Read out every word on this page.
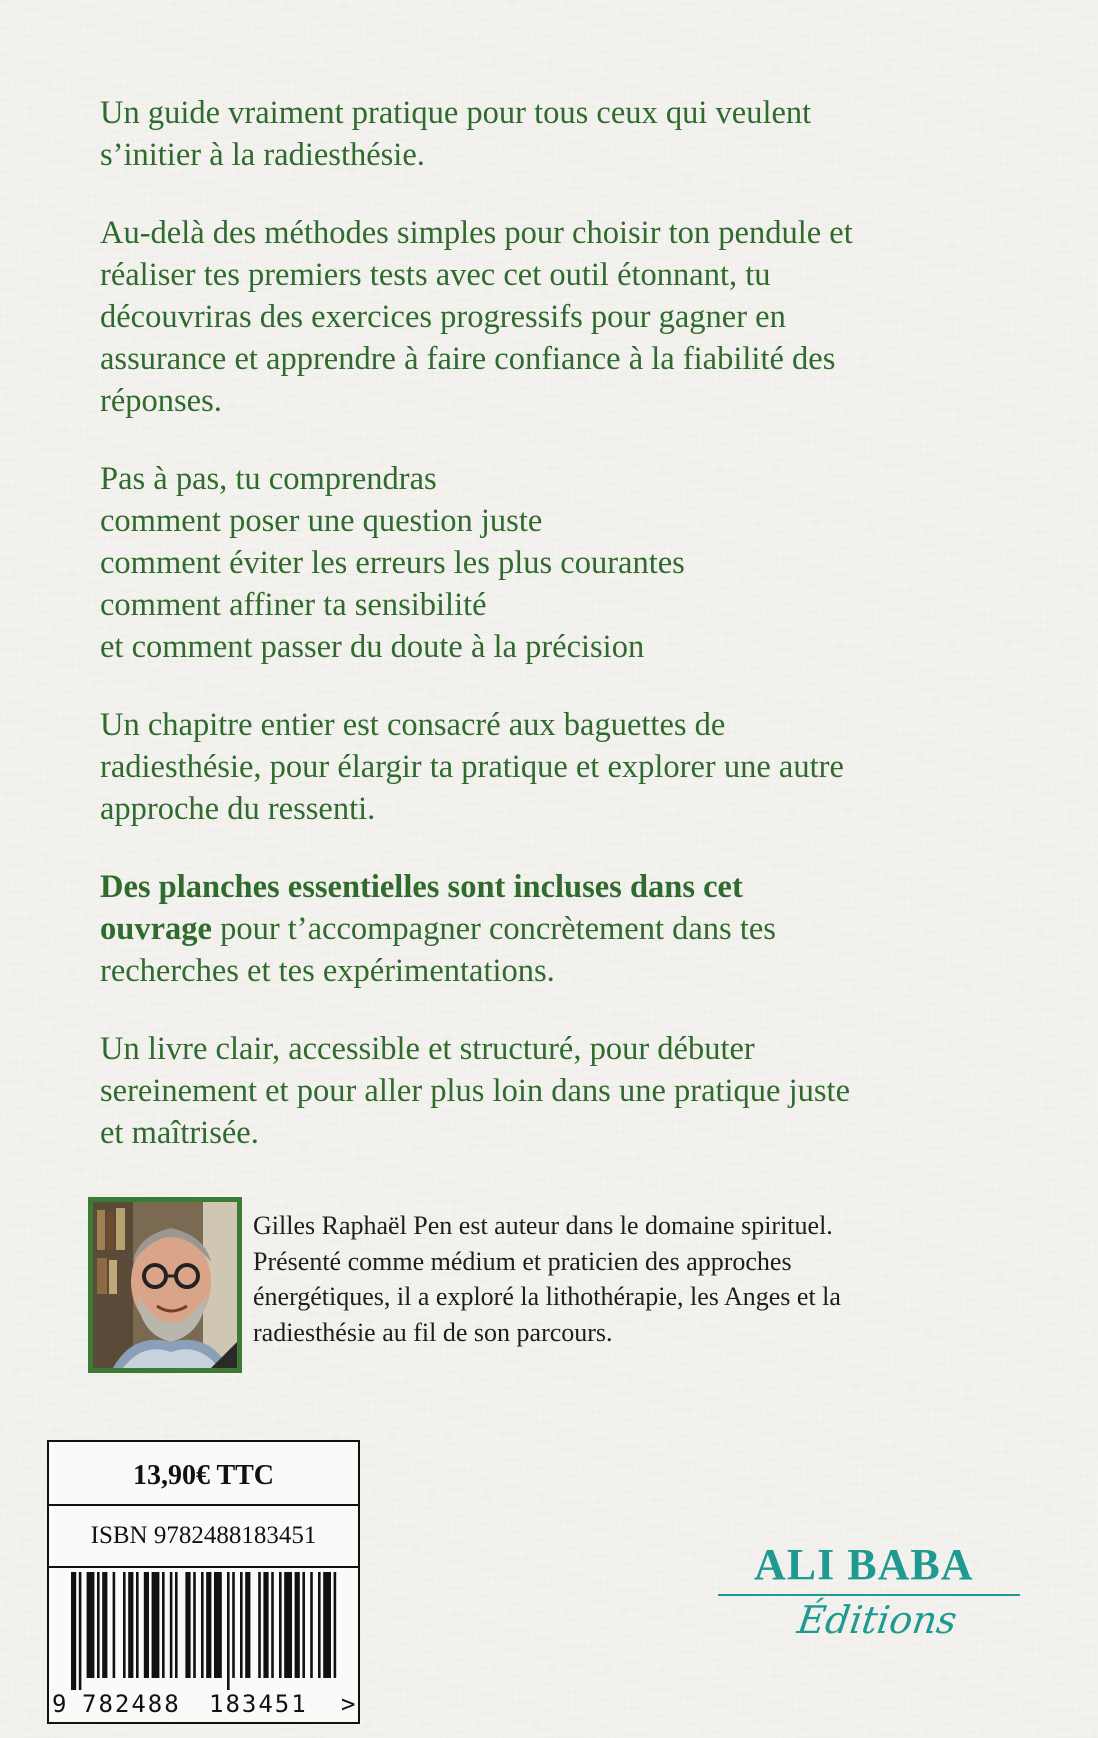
Un guide vraiment pratique pour tous ceux qui veulent
s’initier à la radiesthésie.

Au-delà des méthodes simples pour choisir ton pendule et
réaliser tes premiers tests avec cet outil étonnant, tu
découvriras des exercices progressifs pour gagner en
assurance et apprendre à faire confiance à la fiabilité des
réponses.

Pas à pas, tu comprendras
comment poser une question juste
comment éviter les erreurs les plus courantes
comment affiner ta sensibilité
et comment passer du doute à la précision

Un chapitre entier est consacré aux baguettes de
radiesthésie, pour élargir ta pratique et explorer une autre
approche du ressenti.

Des planches essentielles sont incluses dans cet
ouvrage pour t’accompagner concrètement dans tes
recherches et tes expérimentations.

Un livre clair, accessible et structuré, pour débuter
sereinement et pour aller plus loin dans une pratique juste
et maîtrisée.

Gilles Raphaël Pen est auteur dans le domaine spirituel.
Présenté comme médium et praticien des approches
énergétiques, il a exploré la lithothérapie, les Anges et la
radiesthésie au fil de son parcours.
13,90€ TTC
ISBN 9782488183451
9 782488 183451 >
ALI BABA
Éditions
